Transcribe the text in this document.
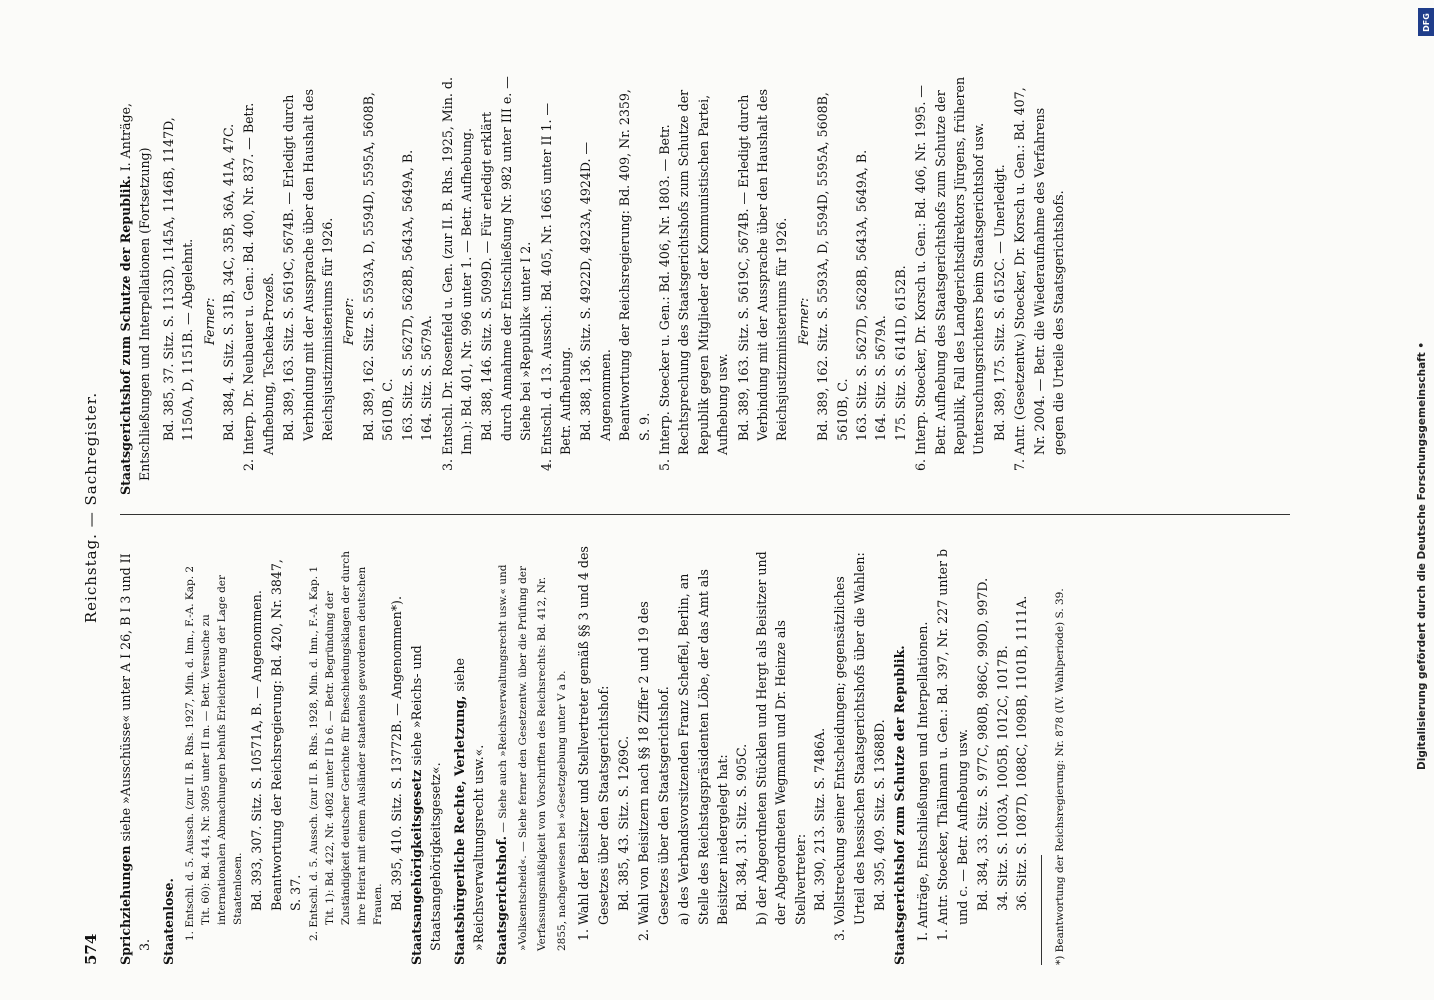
574
Reichstag. — Sachregister.

Sprichziehungen siehe »Ausschüsse« unter A I 26, B I 3 und II 3. Staatenlose. 1. Entschl. d. 5. Aussch. (zur II. B. Rhs. 1927, Min. d. Inn., F.-A. Kap. 2 Tit. 60): Bd. 414, Nr. 3095 unter II m. — Betr. Versuche zu internationalen Abmachungen behufs Erleichterung der Lage der Staatenlosen. Bd. 393, 307. Sitz. S. 10571A, B. — Angenommen. Beantwortung der Reichsregierung: Bd. 420, Nr. 3847, S. 37. 2. Entschl. d. 5. Aussch. (zur II. B. Rhs. 1928, Min. d. Inn., F.-A. Kap. 1 Tit. 1): Bd. 422, Nr. 4082 unter II b 6. — Betr. Begründung der Zuständigkeit deutscher Gerichte für Eheschiedungsklagen der durch ihre Heirat mit einem Ausländer staatenlos gewordenen deutschen Frauen. Bd. 395, 410. Sitz. S. 13772B. — Angenommen*). Staatsangehörigkeitsgesetz siehe »Reichs- und Staatsangehörigkeitsgesetz«. Staatsbürgerliche Rechte, Verletzung, siehe »Reichsverwaltungsrecht usw.«. Staatsgerichtshof. — Siehe auch »Reichsverwaltungsrecht usw.« und »Volksentscheid«. — Siehe ferner den Gesetzentw. über die Prüfung der Verfassungsmäßigkeit von Vorschriften des Reichsrechts: Bd. 412, Nr. 2855, nachgewiesen bei »Gesetzgebung unter V a b. 1. Wahl der Beisitzer und Stellvertreter gemäß §§ 3 und 4 des Gesetzes über den Staatsgerichtshof: Bd. 385, 43. Sitz. S. 1269C. 2. Wahl von Beisitzern nach §§ 18 Ziffer 2 und 19 des Gesetzes über den Staatsgerichtshof. a) des Verbandsvorsitzenden Franz Scheffel, Berlin, an Stelle des Reichstagspräsidenten Löbe, der das Amt als Beisitzer niedergelegt hat: Bd. 384, 31. Sitz. S. 905C. b) der Abgeordneten Stücklen und Hergt als Beisitzer und der Abgeordneten Wegmann und Dr. Heinze als Stellvertreter: Bd. 390, 213. Sitz. S. 7486A. 3. Vollstreckung seiner Entscheidungen; gegensätzliches Urteil des hessischen Staatsgerichtshofs über die Wahlen: Bd. 395, 409. Sitz. S. 13688D. Staatsgerichtshof zum Schutze der Republik. I. Anträge, Entschließungen und Interpellationen. 1. Antr. Stoecker, Thälmann u. Gen.: Bd. 397, Nr. 227 unter b und c. — Betr. Aufhebung usw. Bd. 384, 33. Sitz. S. 977C, 980B, 986C, 990D, 997D. 34. Sitz. S. 1003A, 1005B, 1012C, 1017B. 36. Sitz. S. 1087D, 1088C, 1098B, 1101B, 1111A. *) Beantwortung der Reichsregierung: Nr. 878 (IV. Wahlperiode) S. 39.

Staatsgerichtshof zum Schutze der Republik. I. Anträge, Entschließungen und Interpellationen (Fortsetzung) Bd. 385, 37. Sitz. S. 1133D, 1145A, 1146B, 1147D, 1150A, D, 1151B. — Abgelehnt. Ferner: Bd. 384, 4. Sitz. S. 31B, 34C, 35B, 36A, 41A, 47C. 2. Interp. Dr. Neubauer u. Gen.: Bd. 400, Nr. 837. — Betr. Aufhebung, Tscheka-Prozeß. Bd. 389, 163. Sitz. S. 5619C, 5674B. — Erledigt durch Verbindung mit der Aussprache über den Haushalt des Reichsjustizministeriums für 1926. Ferner: Bd. 389, 162. Sitz. S. 5593A, D, 5594D, 5595A, 5608B, 5610B, C. 163. Sitz. S. 5627D, 5628B, 5643A, 5649A, B. 164. Sitz. S. 5679A. 3. Entschl. Dr. Rosenfeld u. Gen. (zur II. B. Rhs. 1925, Min. d. Inn.): Bd. 401, Nr. 996 unter 1. — Betr. Aufhebung. Bd. 388, 146. Sitz. S. 5099D. — Für erledigt erklärt durch Annahme der Entschließung Nr. 982 unter III e. — Siehe bei »Republik« unter I 2. 4. Entschl. d. 13. Aussch.: Bd. 405, Nr. 1665 unter II 1. — Betr. Aufhebung. Bd. 388, 136. Sitz. S. 4922D, 4923A, 4924D. — Angenommen. Beantwortung der Reichsregierung: Bd. 409, Nr. 2359, S. 9. 5. Interp. Stoecker u. Gen.: Bd. 406, Nr. 1803. — Betr. Rechtsprechung des Staatsgerichtshofs zum Schutze der Republik gegen Mitglieder der Kommunistischen Partei, Aufhebung usw. Bd. 389, 163. Sitz. S. 5619C, 5674B. — Erledigt durch Verbindung mit der Aussprache über den Haushalt des Reichsjustizministeriums für 1926. Ferner: Bd. 389, 162. Sitz. S. 5593A, D, 5594D, 5595A, 5608B, 5610B, C. 163. Sitz. S. 5627D, 5628B, 5643A, 5649A, B. 164. Sitz. S. 5679A. 175. Sitz. S. 6141D, 6152B. 6. Interp. Stoecker, Dr. Korsch u. Gen.: Bd. 406, Nr. 1995. — Betr. Aufhebung des Staatsgerichtshofs zum Schutze der Republik, Fall des Landgerichtsdirektors Jürgens, früheren Untersuchungsrichters beim Staatsgerichtshof usw. Bd. 389, 175. Sitz. S. 6152C. — Unerledigt. 7. Antr. (Gesetzentw.) Stoecker, Dr. Korsch u. Gen.: Bd. 407, Nr. 2004. — Betr. die Wiederaufnahme des Verfahrens gegen die Urteile des Staatsgerichtshofs.

DFG
Digitalisierung gefördert durch die Deutsche Forschungsgemeinschaft •
